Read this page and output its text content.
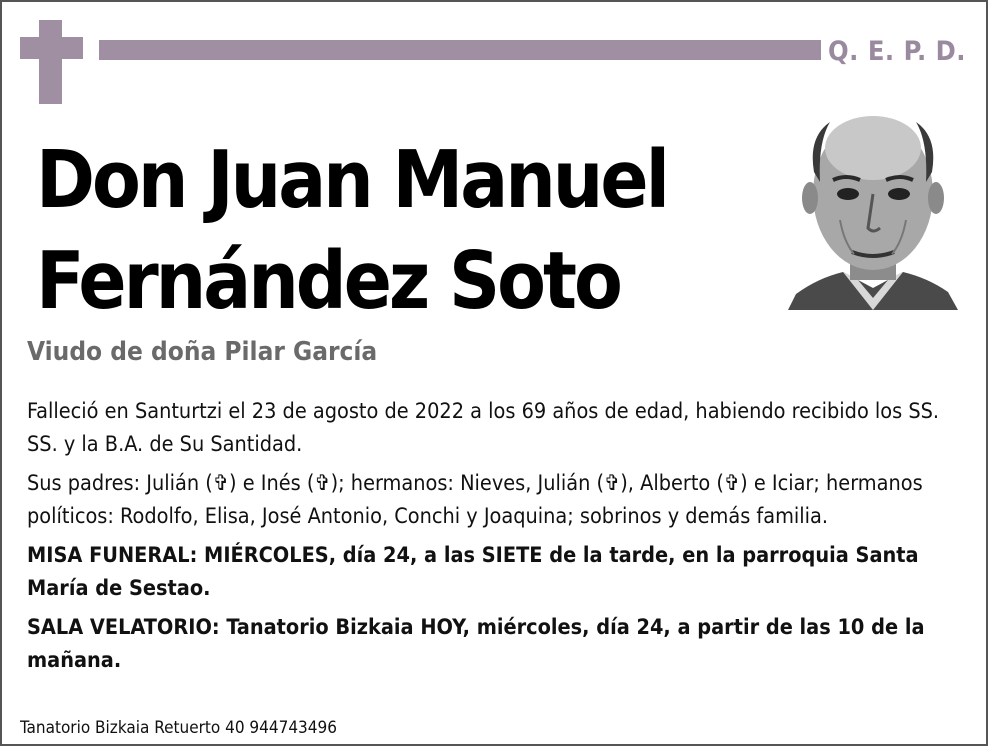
Q. E. P. D.
Don Juan Manuel
Fernández Soto
Viudo de doña Pilar García

Falleció en Santurtzi el 23 de agosto de 2022 a los 69 años de edad, habiendo recibido los SS. SS. y la B.A. de Su Santidad.

Sus padres: Julián (✞) e Inés (✞); hermanos: Nieves, Julián (✞), Alberto (✞) e Iciar; hermanos políticos: Rodolfo, Elisa, José Antonio, Conchi y Joaquina; sobrinos y demás familia.

MISA FUNERAL: MIÉRCOLES, día 24, a las SIETE de la tarde, en la parroquia Santa María de Sestao.

SALA VELATORIO: Tanatorio Bizkaia HOY, miércoles, día 24, a partir de las 10 de la mañana.

Tanatorio Bizkaia Retuerto 40 944743496
